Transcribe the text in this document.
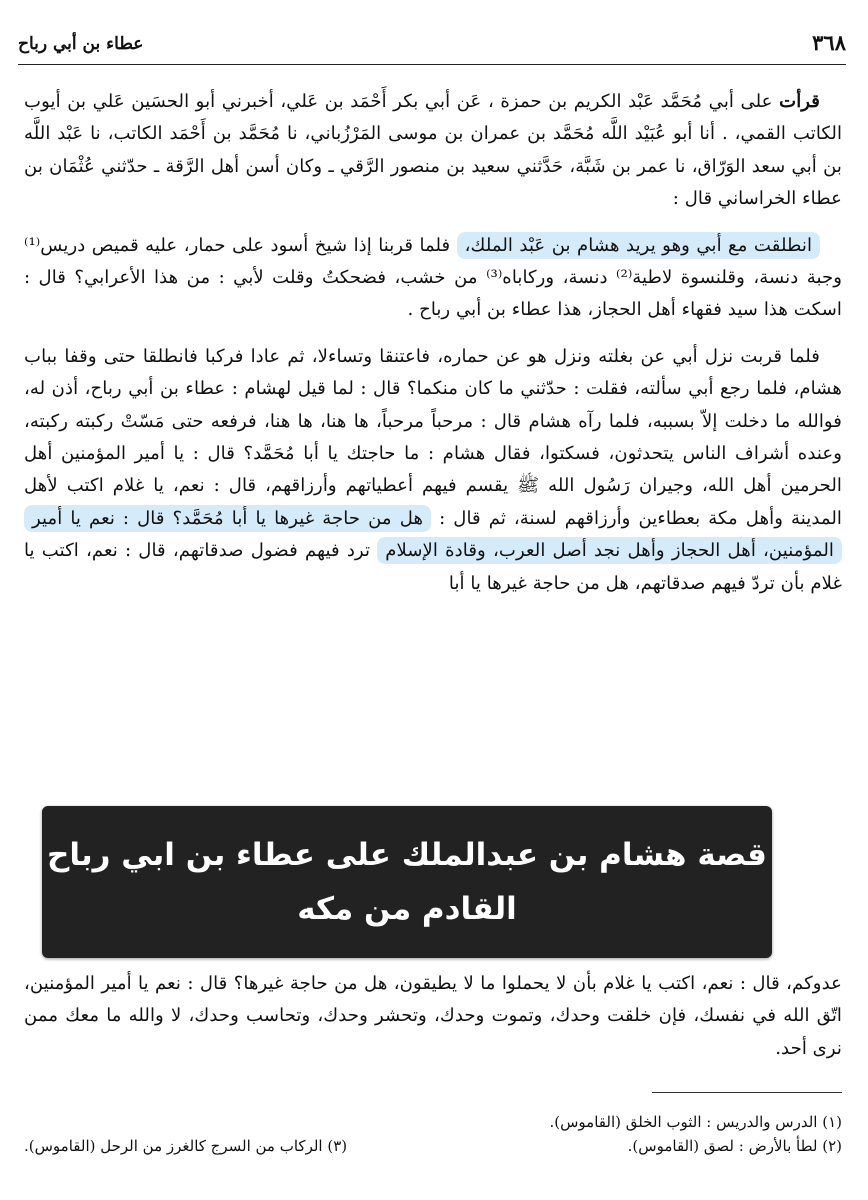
٣٦٨
عطاء بن أبي رباح

قرأت على أبي مُحَمَّد عَبْد الكريم بن حمزة ، عَن أبي بكر أَحْمَد بن عَلي، أخبرني أبو الحسَين عَلي بن أيوب الكاتب القمي، . أنا أبو عُبَيْد اللَّه مُحَمَّد بن عمران بن موسى المَرْزُباني، نا مُحَمَّد بن أَحْمَد الكاتب، نا عَبْد اللَّه بن أبي سعد الوَرّاق، نا عمر بن شَبَّة، حَدَّثني سعيد بن منصور الرَّقي ـ وكان أسن أهل الرَّقة ـ حدّثني عُثْمَان بن عطاء الخراساني قال :

انطلقت مع أبي وهو يريد هشام بن عَبْد الملك، فلما قربنا إذا شيخ أسود على حمار، عليه قميص دريس⁽¹⁾ وجبة دنسة، وقلنسوة لاطية⁽²⁾ دنسة، وركاباه⁽³⁾ من خشب، فضحكتُ وقلت لأبي : من هذا الأعرابي؟ قال : اسكت هذا سيد فقهاء أهل الحجاز، هذا عطاء بن أبي رباح .

فلما قربت نزل أبي عن بغلته ونزل هو عن حماره، فاعتنقا وتساءلا، ثم عادا فركبا فانطلقا حتى وقفا بباب هشام، فلما رجع أبي سألته، فقلت : حدّثني ما كان منكما؟ قال : لما قيل لهشام : عطاء بن أبي رباح، أذن له، فوالله ما دخلت إلاّ بسببه، فلما رآه هشام قال : مرحباً مرحباً، ها هنا، ها هنا، فرفعه حتى مَسّتْ ركبته ركبته، وعنده أشراف الناس يتحدثون، فسكتوا، فقال هشام : ما حاجتك يا أبا مُحَمَّد؟ قال : يا أمير المؤمنين أهل الحرمين أهل الله، وجيران رَسُول الله ﷺ يقسم فيهم أعطياتهم وأرزاقهم، قال : نعم، يا غلام اكتب لأهل المدينة وأهل مكة بعطاءين وأرزاقهم لسنة، ثم قال : هل من حاجة غيرها يا أبا مُحَمَّد؟ قال : نعم يا أمير المؤمنين، أهل الحجاز وأهل نجد أصل العرب، وقادة الإسلام ترد فيهم فضول صدقاتهم، قال : نعم، اكتب يا غلام بأن تردّ فيهم صدقاتهم، هل من حاجة غيرها يا أبا

عدوكم، قال : نعم، اكتب يا غلام بأن لا يحملوا ما لا يطيقون، هل من حاجة غيرها؟ قال : نعم يا أمير المؤمنين، اتّق الله في نفسك، فإن خلقت وحدك، وتموت وحدك، وتحشر وحدك، وتحاسب وحدك، لا والله ما معك ممن نرى أحد.

قصة هشام بن عبدالملك على عطاء بن ابي رباح
القادم من مكه
(١) الدرس والدريس : الثوب الخلق (القاموس).
(٢) لطأ بالأرض : لصق (القاموس).
(٣) الركاب من السرج كالغرز من الرحل (القاموس).
